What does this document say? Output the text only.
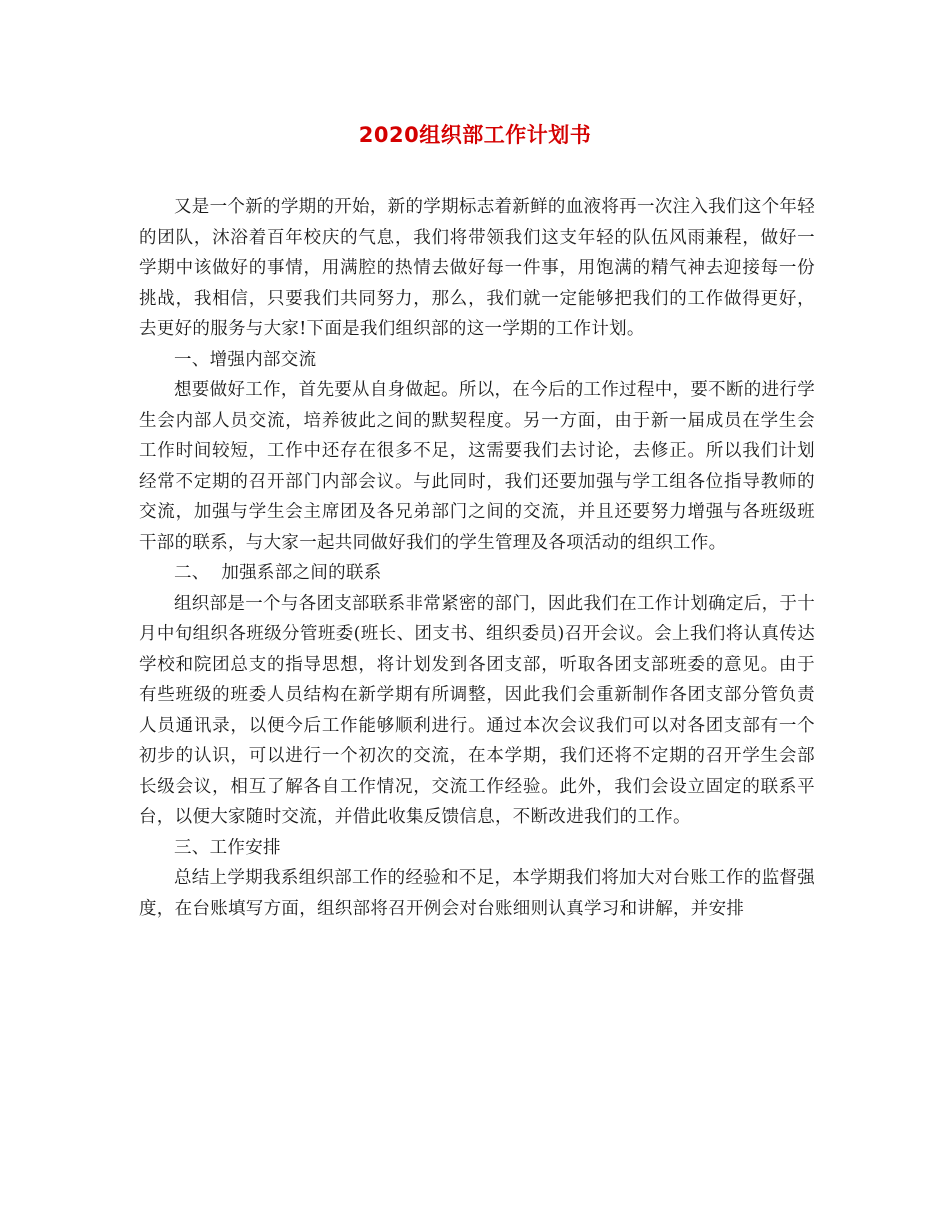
2020组织部工作计划书

又是一个新的学期的开始，新的学期标志着新鲜的血液将再一次注入我们这个年轻的团队，沐浴着百年校庆的气息，我们将带领我们这支年轻的队伍风雨兼程，做好一学期中该做好的事情，用满腔的热情去做好每一件事，用饱满的精气神去迎接每一份挑战，我相信，只要我们共同努力，那么，我们就一定能够把我们的工作做得更好，去更好的服务与大家!下面是我们组织部的这一学期的工作计划。

一、增强内部交流

想要做好工作，首先要从自身做起。所以，在今后的工作过程中，要不断的进行学生会内部人员交流，培养彼此之间的默契程度。另一方面，由于新一届成员在学生会工作时间较短，工作中还存在很多不足，这需要我们去讨论，去修正。所以我们计划经常不定期的召开部门内部会议。与此同时，我们还要加强与学工组各位指导教师的交流，加强与学生会主席团及各兄弟部门之间的交流，并且还要努力增强与各班级班干部的联系，与大家一起共同做好我们的学生管理及各项活动的组织工作。

二、  加强系部之间的联系

组织部是一个与各团支部联系非常紧密的部门，因此我们在工作计划确定后，于十月中旬组织各班级分管班委(班长、团支书、组织委员)召开会议。会上我们将认真传达学校和院团总支的指导思想，将计划发到各团支部，听取各团支部班委的意见。由于有些班级的班委人员结构在新学期有所调整，因此我们会重新制作各团支部分管负责人员通讯录，以便今后工作能够顺利进行。通过本次会议我们可以对各团支部有一个初步的认识，可以进行一个初次的交流，在本学期，我们还将不定期的召开学生会部长级会议，相互了解各自工作情况，交流工作经验。此外，我们会设立固定的联系平台，以便大家随时交流，并借此收集反馈信息，不断改进我们的工作。

三、工作安排

总结上学期我系组织部工作的经验和不足，本学期我们将加大对台账工作的监督强度，在台账填写方面，组织部将召开例会对台账细则认真学习和讲解，并安排
